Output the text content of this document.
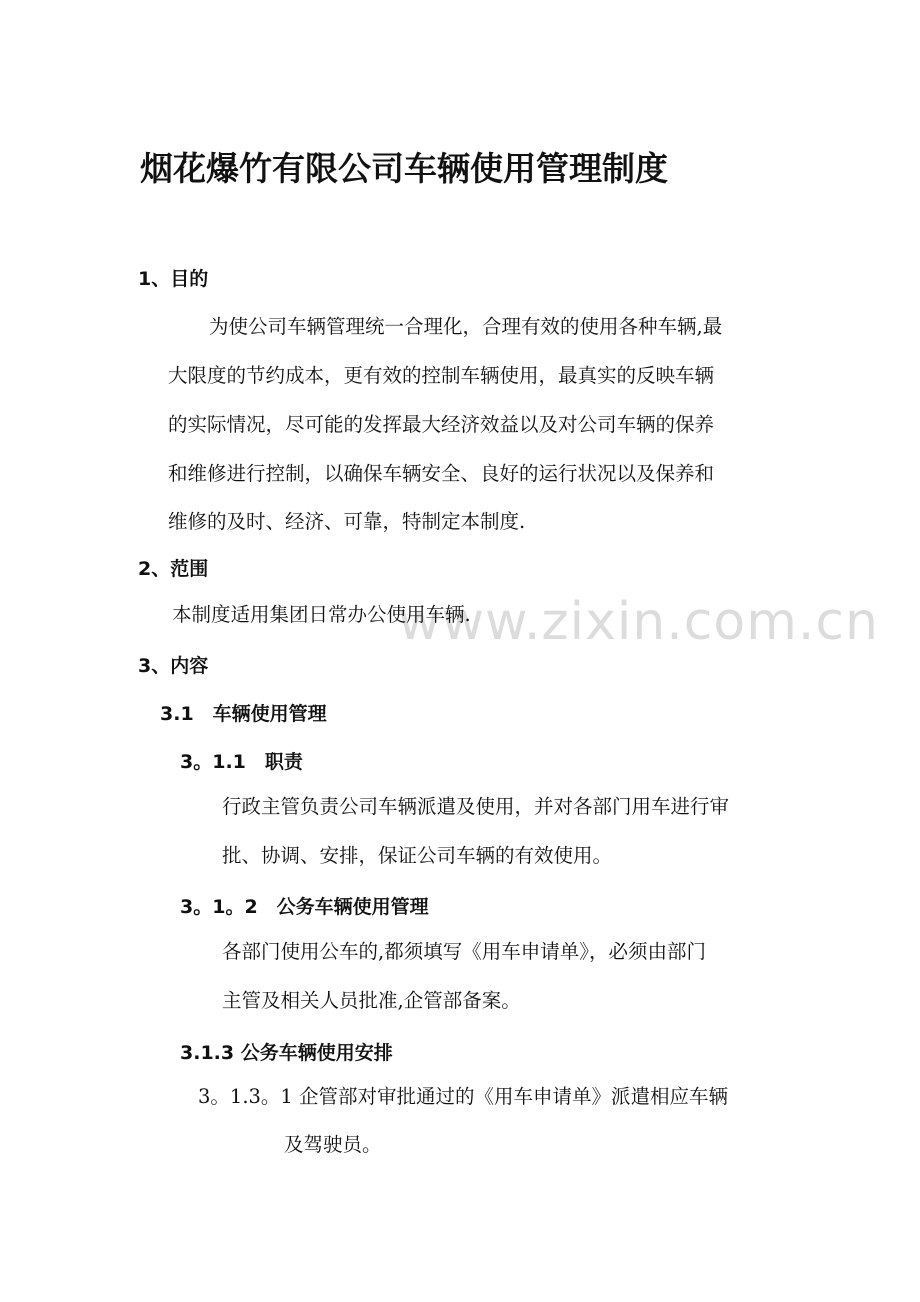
www.zixin.com.cn
烟花爆竹有限公司车辆使用管理制度
1、目的
为使公司车辆管理统一合理化，合理有效的使用各种车辆,最
大限度的节约成本，更有效的控制车辆使用，最真实的反映车辆
的实际情况，尽可能的发挥最大经济效益以及对公司车辆的保养
和维修进行控制，以确保车辆安全、良好的运行状况以及保养和
维修的及时、经济、可靠，特制定本制度.
2、范围
本制度适用集团日常办公使用车辆.
3、内容
3.1　车辆使用管理
3。1.1　职责
行政主管负责公司车辆派遣及使用，并对各部门用车进行审
批、协调、安排，保证公司车辆的有效使用。
3。1。2　公务车辆使用管理
各部门使用公车的,都须填写《用车申请单》，必须由部门
主管及相关人员批准,企管部备案。
3.1.3 公务车辆使用安排
3。1.3。1 企管部对审批通过的《用车申请单》派遣相应车辆
及驾驶员。
